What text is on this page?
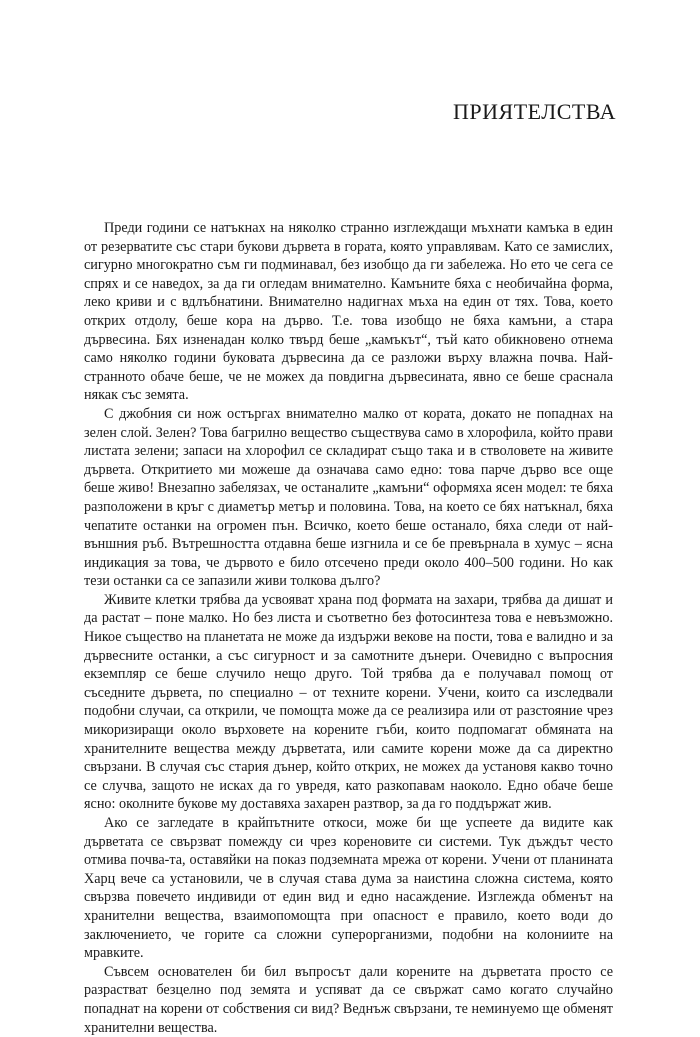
ПРИЯТЕЛСТВА

Преди години се натъкнах на няколко странно изглеждащи мъхнати камъка в един от резерватите със стари букови дървета в гората, която управлявам. Като се замислих, сигурно многократно съм ги подминавал, без изобщо да ги забележа. Но ето че сега се спрях и се наведох, за да ги огледам внимателно. Камъните бяха с необичайна форма, леко криви и с вдлъбнатини. Внимателно надигнах мъха на един от тях. Това, което открих отдолу, беше кора на дърво. Т.е. това изобщо не бяха камъни, а стара дървесина. Бях изненадан колко твърд беше „камъкът“, тъй като обикновено отнема само няколко години буковата дървесина да се разложи върху влажна почва. Най-странното обаче беше, че не можех да повдигна дървесината, явно се беше сраснала някак със земята.

С джобния си нож остъргах внимателно малко от кората, докато не попаднах на зелен слой. Зелен? Това багрилно вещество съществува само в хлорофила, който прави листата зелени; запаси на хлорофил се складират също така и в стволовете на живите дървета. Откритието ми можеше да означава само едно: това парче дърво все още беше живо! Внезапно забелязах, че останалите „камъни“ оформяха ясен модел: те бяха разположени в кръг с диаметър метър и половина. Това, на което се бях натъкнал, бяха чепатите останки на огромен пън. Всичко, което беше останало, бяха следи от най-външния ръб. Вътрешността отдавна беше изгнила и се бе превърнала в хумус – ясна индикация за това, че дървото е било отсечено преди около 400–500 години. Но как тези останки са се запазили живи толкова дълго?

Живите клетки трябва да усвояват храна под формата на захари, трябва да дишат и да растат – поне малко. Но без листа и съответно без фотосинтеза това е невъзможно. Никое същество на планетата не може да издържи векове на пости, това е валидно и за дървесните останки, а със сигурност и за самотните дънери. Очевидно с въпросния екземпляр се беше случило нещо друго. Той трябва да е получавал помощ от съседните дървета, по специално – от техните корени. Учени, които са изследвали подобни случаи, са открили, че помощта може да се реализира или от разстояние чрез микоризиращи около върховете на корените гъби, които подпомагат обмяната на хранителните вещества между дърветата, или самите корени може да са директно свързани. В случая със стария дънер, който открих, не можех да установя какво точно се случва, защото не исках да го увредя, като разкопавам наоколо. Едно обаче беше ясно: околните букове му доставяха захарен разтвор, за да го поддържат жив.

Ако се загледате в крайпътните откоси, може би ще успеете да видите как дърветата се свързват помежду си чрез кореновите си системи. Тук дъждът често отмива почва-та, оставяйки на показ подземната мрежа от корени. Учени от планината Харц вече са установили, че в случая става дума за наистина сложна система, която свързва повечето индивиди от един вид и едно насаждение. Изглежда обменът на хранителни вещества, взаимопомощта при опасност е правило, което води до заключението, че горите са сложни суперорганизми, подобни на колониите на мравките.

Съвсем основателен би бил въпросът дали корените на дърветата просто се разрастват безцелно под земята и успяват да се свържат само когато случайно попаднат на корени от собствения си вид? Веднъж свързани, те неминуемо ще обменят хранителни вещества.
